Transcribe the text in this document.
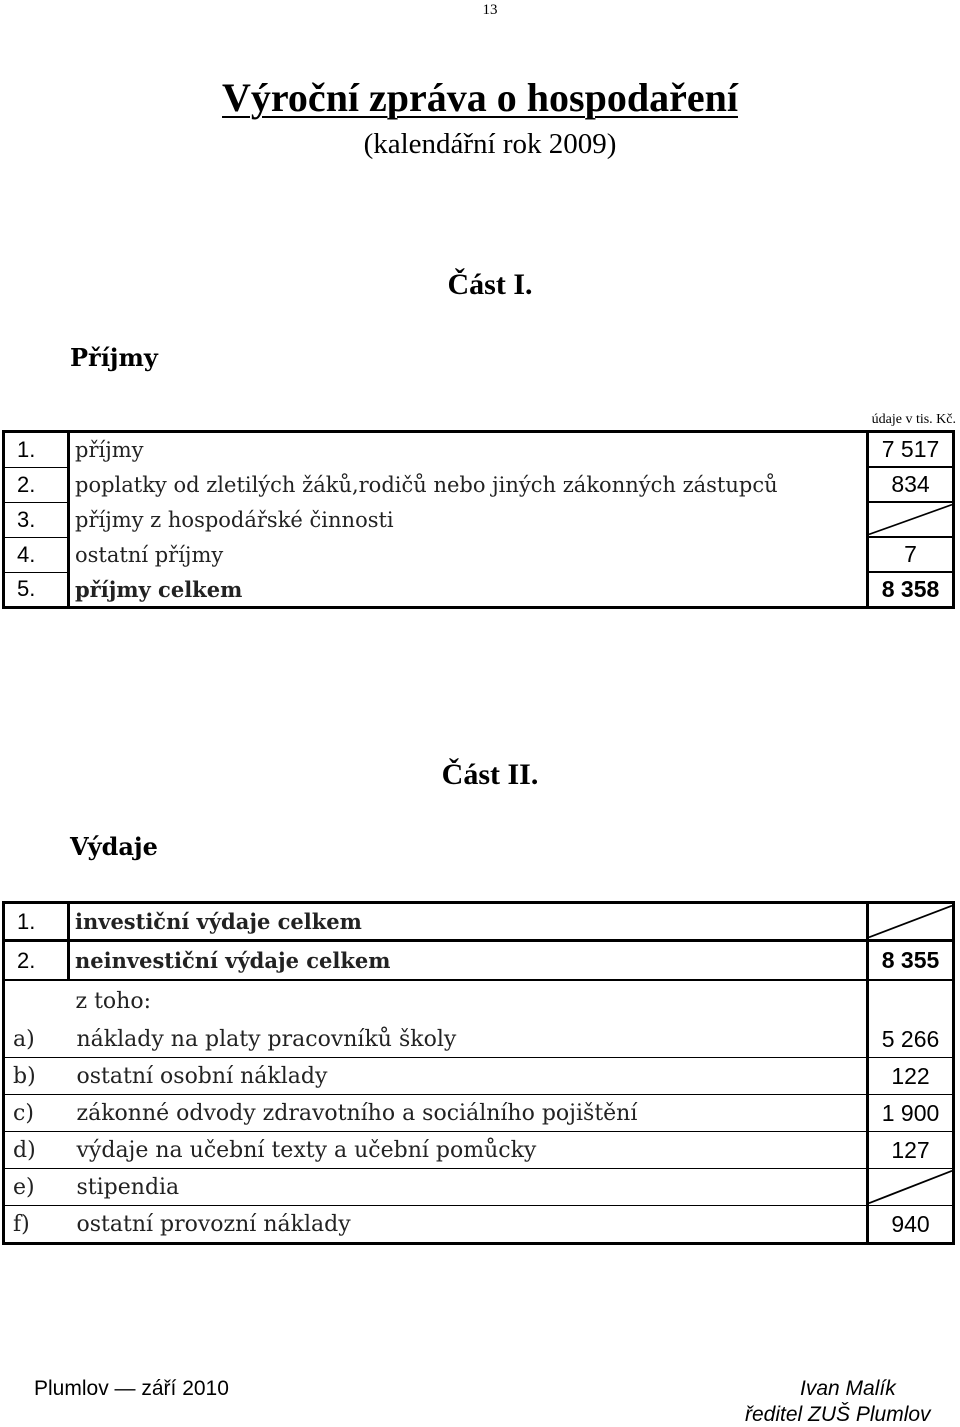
13
Výroční zpráva o hospodaření
(kalendářní rok 2009)
Část I.
Příjmy
údaje v tis. Kč.
1.	příjmy	7 517
2.	poplatky od zletilých žáků,rodičů nebo jiných zákonných zástupců	834
3.	příjmy z hospodářské činnosti	

4.	ostatní příjmy	7
5.	příjmy celkem	8 358
Část II.
Výdaje
1.	investiční výdaje celkem	

2.	neinvestiční výdaje celkem	8 355
	z toho:	
a)	náklady na platy pracovníků školy	5 266
b)	ostatní osobní náklady	122
c)	zákonné odvody zdravotního a sociálního pojištění	1 900
d)	výdaje na učební texty a učební pomůcky	127
e)	stipendia	

f)	ostatní provozní náklady	940
Plumlov — září 2010	Ivan Malík
ředitel ZUŠ Plumlov
